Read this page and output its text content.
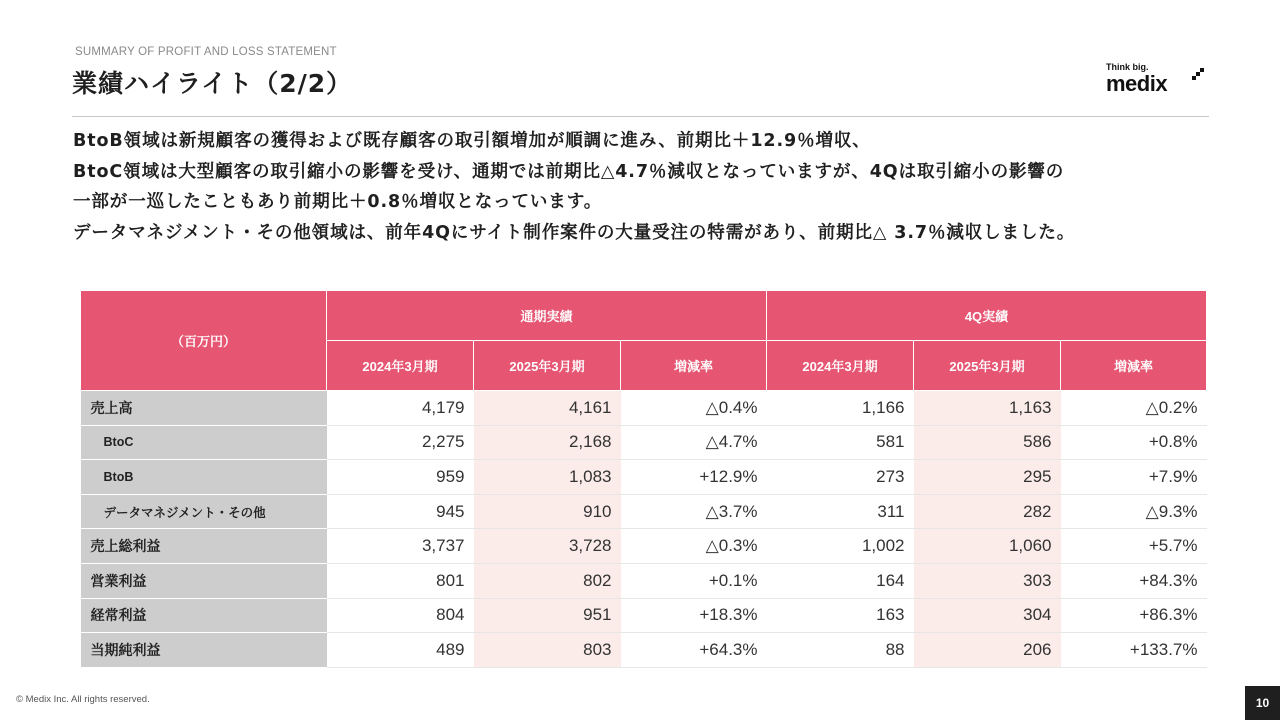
SUMMARY OF PROFIT AND LOSS STATEMENT
業績ハイライト（2/2）
Think big.
medix
BtoB領域は新規顧客の獲得および既存顧客の取引額増加が順調に進み、前期比＋12.9％増収、
BtoC領域は大型顧客の取引縮小の影響を受け、通期では前期比△4.7％減収となっていますが、4Qは取引縮小の影響の
一部が一巡したこともあり前期比＋0.8％増収となっています。
データマネジメント・その他領域は、前年4Qにサイト制作案件の大量受注の特需があり、前期比△ 3.7％減収しました。
（百万円）	通期実績			4Q実績		
	2024年3月期	2025年3月期	増減率	2024年3月期	2025年3月期	増減率
売上高	4,179	4,161	△0.4%	1,166	1,163	△0.2%
BtoC	2,275	2,168	△4.7%	581	586	+0.8%
BtoB	959	1,083	+12.9%	273	295	+7.9%
データマネジメント・その他	945	910	△3.7%	311	282	△9.3%
売上総利益	3,737	3,728	△0.3%	1,002	1,060	+5.7%
営業利益	801	802	+0.1%	164	303	+84.3%
経常利益	804	951	+18.3%	163	304	+86.3%
当期純利益	489	803	+64.3%	88	206	+133.7%
© Medix Inc. All rights reserved.	10
